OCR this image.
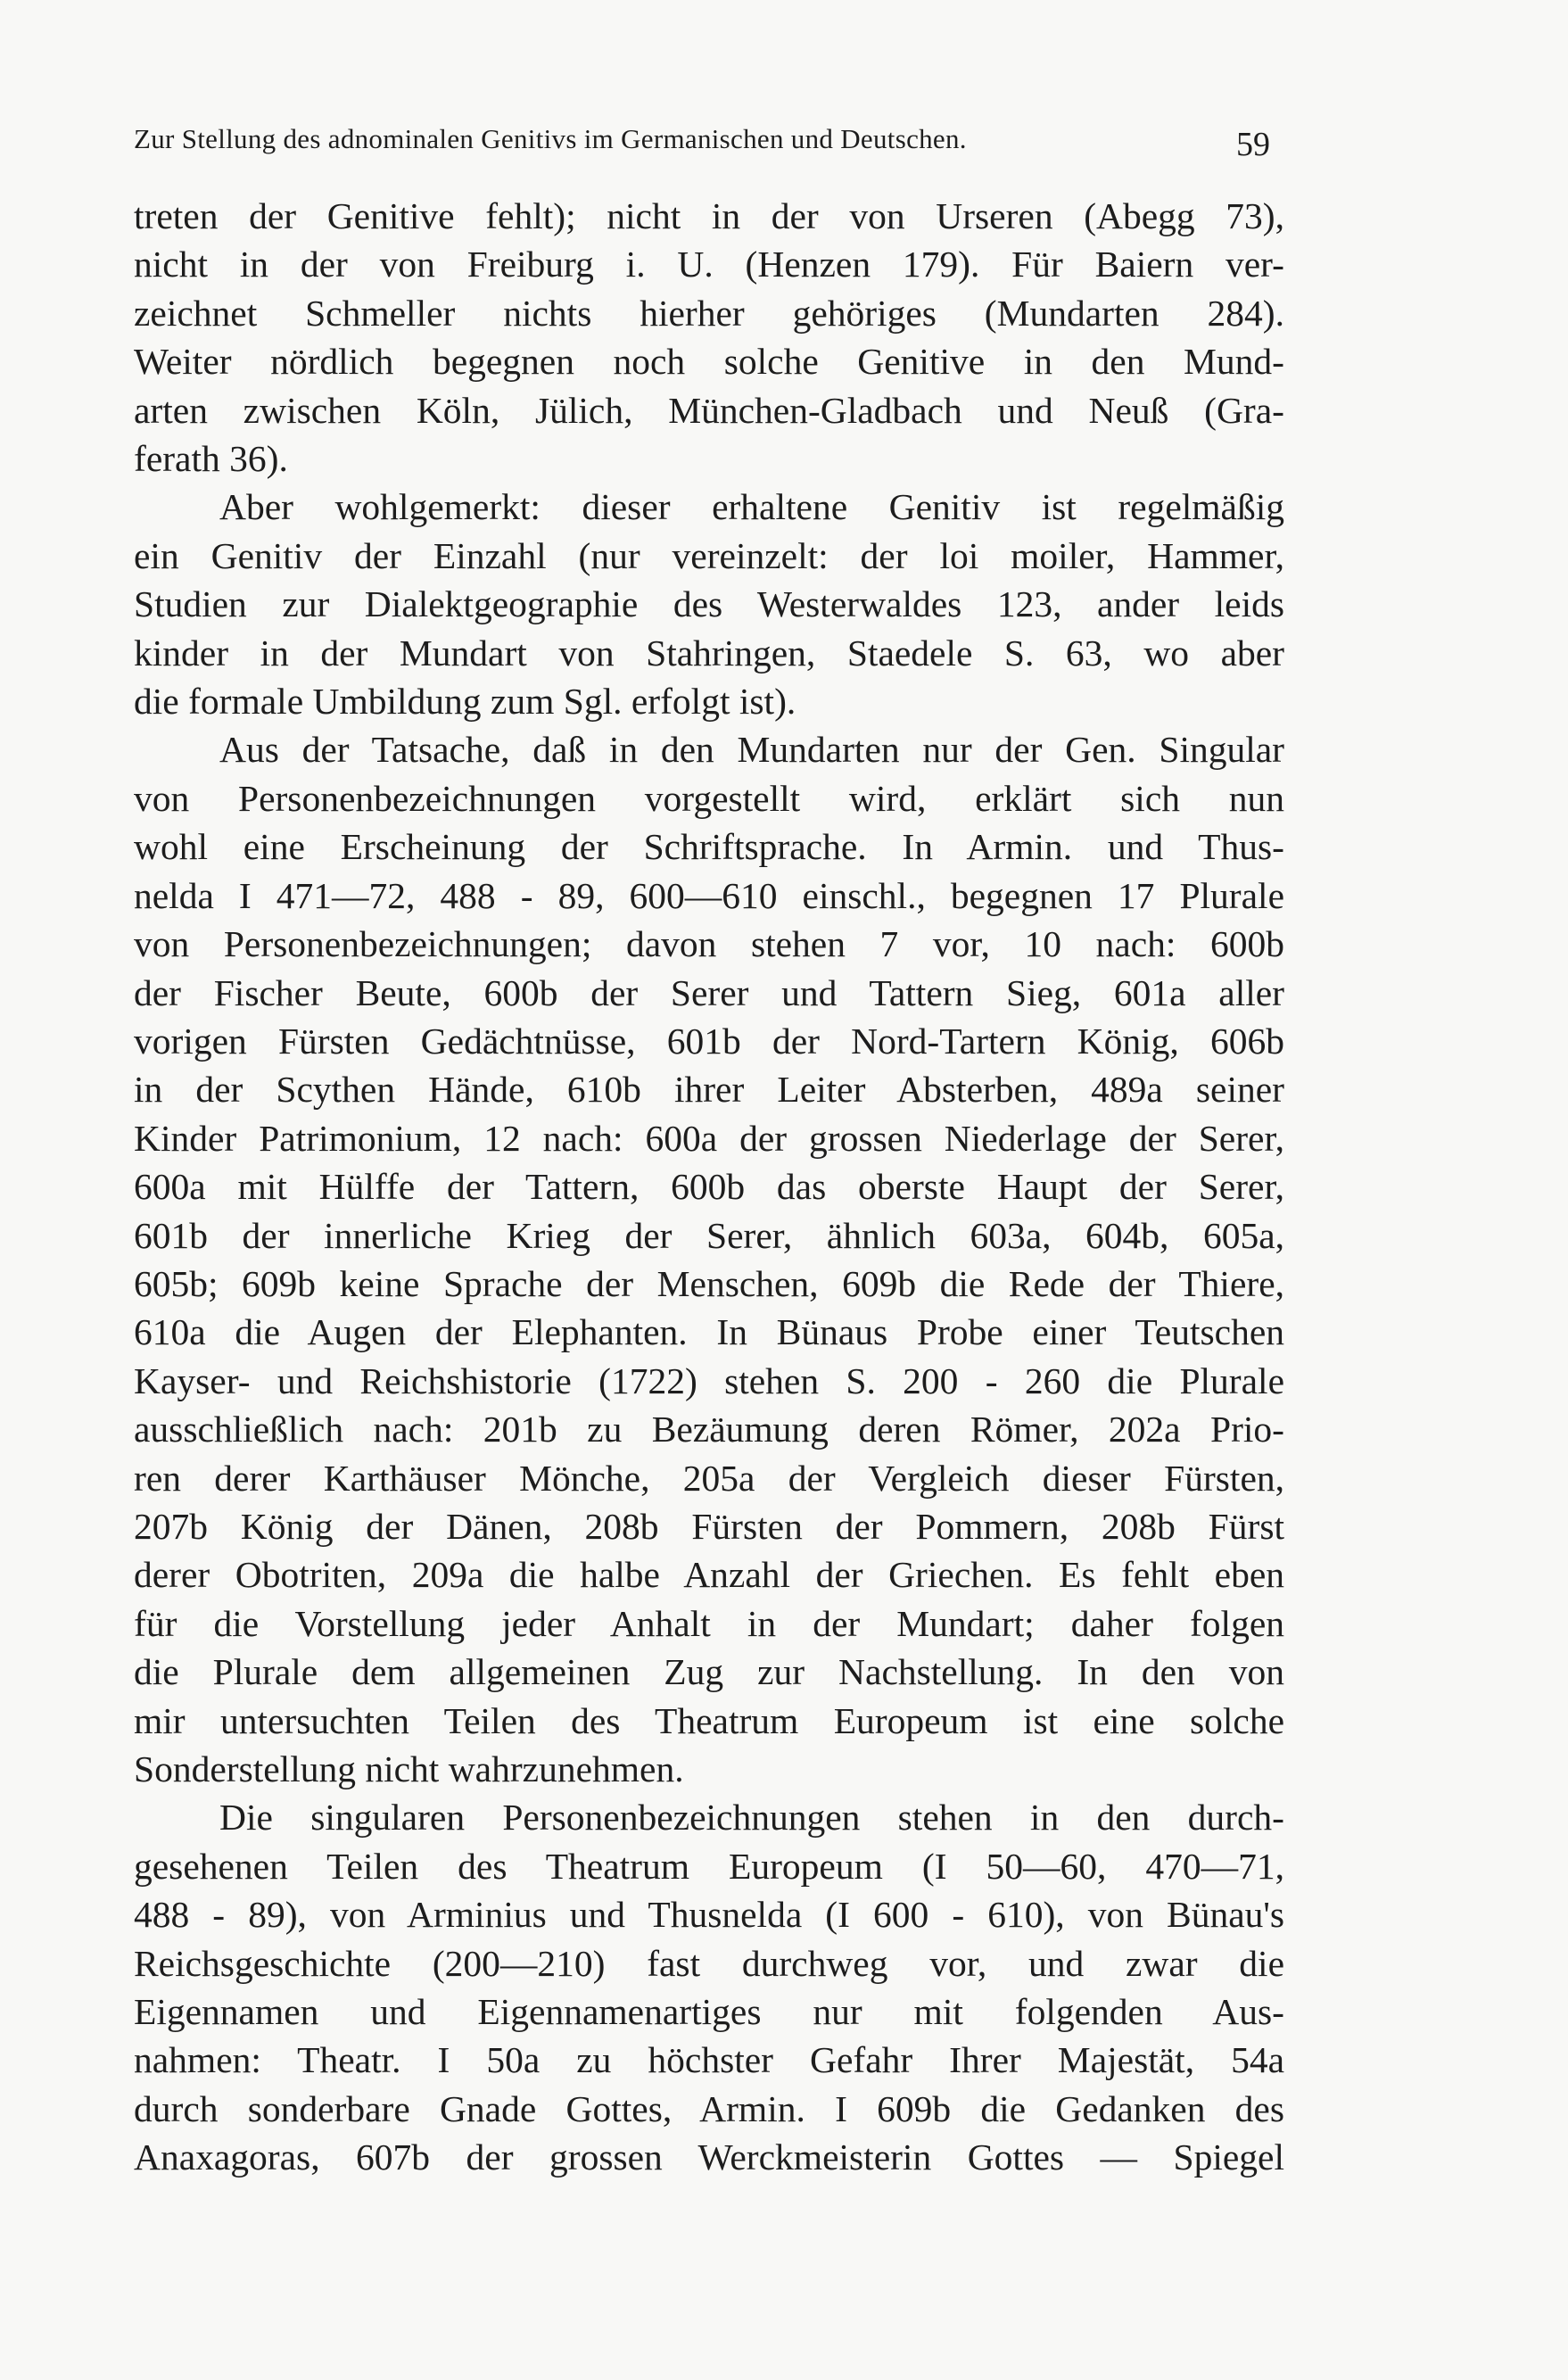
Zur Stellung des adnominalen Genitivs im Germanischen und Deutschen.	59
treten der Genitive fehlt); nicht in der von Urseren (Abegg 73),
nicht in der von Freiburg i. U. (Henzen 179). Für Baiern ver-
zeichnet Schmeller nichts hierher gehöriges (Mundarten 284).
Weiter nördlich begegnen noch solche Genitive in den Mund-
arten zwischen Köln, Jülich, München-Gladbach und Neuß (Gra-
ferath 36).
Aber wohlgemerkt: dieser erhaltene Genitiv ist regelmäßig
ein Genitiv der Einzahl (nur vereinzelt: der loi moiler, Hammer,
Studien zur Dialektgeographie des Westerwaldes 123, ander leids
kinder in der Mundart von Stahringen, Staedele S. 63, wo aber
die formale Umbildung zum Sgl. erfolgt ist).
Aus der Tatsache, daß in den Mundarten nur der Gen. Singular
von Personenbezeichnungen vorgestellt wird, erklärt sich nun
wohl eine Erscheinung der Schriftsprache. In Armin. und Thus-
nelda I 471—72, 488 - 89, 600—610 einschl., begegnen 17 Plurale
von Personenbezeichnungen; davon stehen 7 vor, 10 nach: 600b
der Fischer Beute, 600b der Serer und Tattern Sieg, 601a aller
vorigen Fürsten Gedächtnüsse, 601b der Nord-Tartern König, 606b
in der Scythen Hände, 610b ihrer Leiter Absterben, 489a seiner
Kinder Patrimonium, 12 nach: 600a der grossen Niederlage der Serer,
600a mit Hülffe der Tattern, 600b das oberste Haupt der Serer,
601b der innerliche Krieg der Serer, ähnlich 603a, 604b, 605a,
605b; 609b keine Sprache der Menschen, 609b die Rede der Thiere,
610a die Augen der Elephanten. In Bünaus Probe einer Teutschen
Kayser- und Reichshistorie (1722) stehen S. 200 - 260 die Plurale
ausschließlich nach: 201b zu Bezäumung deren Römer, 202a Prio-
ren derer Karthäuser Mönche, 205a der Vergleich dieser Fürsten,
207b König der Dänen, 208b Fürsten der Pommern, 208b Fürst
derer Obotriten, 209a die halbe Anzahl der Griechen. Es fehlt eben
für die Vorstellung jeder Anhalt in der Mundart; daher folgen
die Plurale dem allgemeinen Zug zur Nachstellung. In den von
mir untersuchten Teilen des Theatrum Europeum ist eine solche
Sonderstellung nicht wahrzunehmen.
Die singularen Personenbezeichnungen stehen in den durch-
gesehenen Teilen des Theatrum Europeum (I 50—60, 470—71,
488 - 89), von Arminius und Thusnelda (I 600 - 610), von Bünau's
Reichsgeschichte (200—210) fast durchweg vor, und zwar die
Eigennamen und Eigennamenartiges nur mit folgenden Aus-
nahmen: Theatr. I 50a zu höchster Gefahr Ihrer Majestät, 54a
durch sonderbare Gnade Gottes, Armin. I 609b die Gedanken des
Anaxagoras, 607b der grossen Werckmeisterin Gottes — Spiegel
